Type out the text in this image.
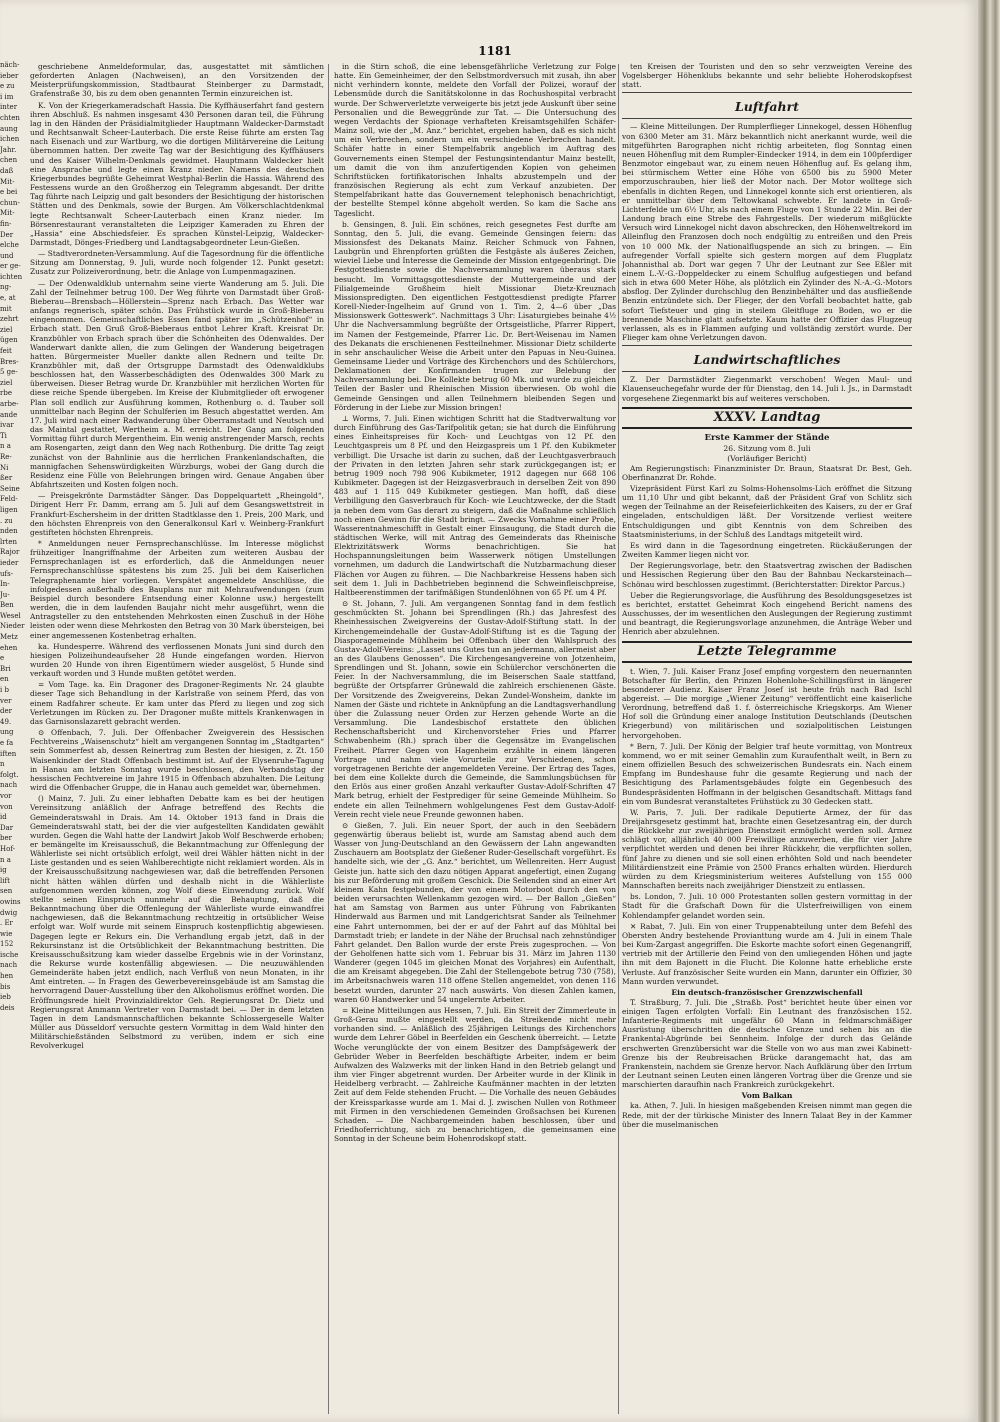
näch-
ieber
e zu
i im
inter
chten
aung
ichen
Jahr.
chen
daß
Mit-
e bei
chun-
Mit-
fin-
Der
elche
und
er ge-
ichten
ng-
e, at
mit
zehrt
ziel
ügen
feit
Bres-
5 ge-
ziel
rbe
arbe-
ande
ivar
Ti
n a
Re-
Ni
ßer
Seine
Feld-
ligen
. zu
nden
lrten
Rajor
ieder
ufs-
In-
Ju-
Ben
Wesel
Nieder
Metz
ehen
e
Bri
en
i b
ver
der
49.
ung
e fa
iften
n
folgt.
nach
vor
von
id
Dar
ber
Hof-
n a
ig
lift
sen
owins
dwig
. Er
wie
152
ische
nach
hen
bis
ieb
deis
1181

geschriebene Anmeldeformular, das, ausgestattet mit sämtlichen geforderten Anlagen (Nachweisen), an den Vorsitzenden der Meisterprüfungskommission, Stadtbaurat Steinberger zu Darmstadt, Grafenstraße 30, bis zu dem oben genannten Termin einzureichen ist.

K. Von der Kriegerkameradschaft Hassia. Die Kyffhäuserfahrt fand gestern ihren Abschluß. Es nahmen insgesamt 430 Personen daran teil, die Führung lag in den Händen der Präsidialmitglieder Hauptmann Waldecker-Darmstadt und Rechtsanwalt Scheer-Lauterbach. Die erste Reise führte am ersten Tag nach Eisenach und zur Wartburg, wo die dortigen Militärvereine die Leitung übernommen hatten. Der zweite Tag war der Besichtigung des Kyffhäusers und des Kaiser Wilhelm-Denkmals gewidmet. Hauptmann Waldecker hielt eine Ansprache und legte einen Kranz nieder. Namens des deutschen Kriegerbundes begrüßte Geheimrat Westphal-Berlin die Hassia. Während des Festessens wurde an den Großherzog ein Telegramm abgesandt. Der dritte Tag führte nach Leipzig und galt besonders der Besichtigung der historischen Stätten und des Denkmals, sowie der Burgen. Am Völkerschlachtdenkmal legte Rechtsanwalt Scheer-Lauterbach einen Kranz nieder. Im Börsenrestaurant veranstalteten die Leipziger Kameraden zu Ehren der „Hassia“ eine Abschiedsfeier. Es sprachen Künstel-Leipzig, Waldecker-Darmstadt, Dönges-Friedberg und Landtagsabgeordneter Leun-Gießen.

— Stadtverordneten-Versammlung. Auf die Tagesordnung für die öffentliche Sitzung am Donnerstag, 9. Juli, wurde noch folgender 12. Punkt gesetzt: Zusatz zur Polizeiverordnung, betr. die Anlage von Lumpenmagazinen.

— Der Odenwaldklub unternahm seine vierte Wanderung am 5. Juli. Die Zahl der Teilnehmer betrug 100. Der Weg führte von Darmstadt über Groß-Bieberau—Brensbach—Höllerstein—Sprenz nach Erbach. Das Wetter war anfangs regnerisch, später schön. Das Frühstück wurde in Groß-Bieberau eingenommen. Gemeinschaftliches Essen fand später im „Schützenhof“ in Erbach statt. Den Gruß Groß-Bieberaus entbot Lehrer Kraft. Kreisrat Dr. Kranzbühler von Erbach sprach über die Schönheiten des Odenwaldes. Der Wanderwart dankte allen, die zum Gelingen der Wanderung beigetragen hatten. Bürgermeister Mueller dankte allen Rednern und teilte Dr. Kranzbühler mit, daß der Ortsgruppe Darmstadt des Odenwaldklubs beschlossen hat, den Wasserbeschädigten des Odenwaldes 300 Mark zu überweisen. Dieser Betrag wurde Dr. Kranzbühler mit herzlichen Worten für diese reiche Spende übergeben. Im Kreise der Klubmitglieder oft erwogener Plan soll endlich zur Ausführung kommen, Rothenburg o. d. Tauber soll unmittelbar nach Beginn der Schulferien im Besuch abgestattet werden. Am 17. Juli wird nach einer Radwanderung über Oberramstadt und Neutsch und das Maintal gestattet, Wertheim a. M. erreicht. Der Gang am folgenden Vormittag führt durch Mergentheim. Ein wenig anstrengender Marsch, rechts am Rosengarten, zeigt dann den Weg nach Rothenburg. Die dritte Tag zeigt zunächst von der Bahnlinie aus die herrlichen Frankenlandschaften, die mannigfachen Sehenswürdigkeiten Würzburgs, wobei der Gang durch die Residenz eine Fülle von Belehrungen bringen wird. Genaue Angaben über Abfahrtszeiten und Kosten folgen noch.

— Preisgekrönte Darmstädter Sänger. Das Doppelquartett „Rheingold“, Dirigent Herr Fr. Damm, errang am 5. Juli auf dem Gesangswettstreit in Frankfurt-Eschersheim in der dritten Stadtklasse den 1. Preis, 200 Mark, und den höchsten Ehrenpreis von den Generalkonsul Karl v. Weinberg-Frankfurt gestifteten höchsten Ehrenpreis.

* Anmeldungen neuer Fernsprechanschlüsse. Im Interesse möglichst frühzeitiger Inangriffnahme der Arbeiten zum weiteren Ausbau der Fernsprechanlagen ist es erforderlich, daß die Anmeldungen neuer Fernsprechanschlüsse spätestens bis zum 25. Juli bei dem Kaiserlichen Telegraphenamte hier vorliegen. Verspätet angemeldete Anschlüsse, die infolgedessen außerhalb des Bauplans nur mit Mehraufwendungen (zum Beispiel durch besondere Entsendung einer Kolonne usw.) hergestellt werden, die in dem laufenden Baujahr nicht mehr ausgeführt, wenn die Antragsteller zu den entstehenden Mehrkosten einen Zuschuß in der Höhe leisten oder wenn diese Mehrkosten den Betrag von 30 Mark übersteigen, bei einer angemessenen Kostenbetrag erhalten.

ka. Hundesperre. Während des verflossenen Monats Juni sind durch den hiesigen Polizeihundeaufseher 28 Hunde eingefangen worden. Hiervon wurden 20 Hunde von ihren Eigentümern wieder ausgelöst, 5 Hunde sind verkauft worden und 3 Hunde mußten getötet werden.

= Vom Tage. ka. Ein Dragoner des Dragoner-Regiments Nr. 24 glaubte dieser Tage sich Behandlung in der Karlstraße von seinem Pferd, das von einem Radfahrer scheute. Er kam unter das Pferd zu liegen und zog sich Verletzungen im Rücken zu. Der Dragoner mußte mittels Krankenwagen in das Garnisonslazarett gebracht werden.

⊙ Offenbach, 7. Juli. Der Offenbacher Zweigverein des Hessischen Fechtvereins „Waisenschutz“ hielt am vergangenen Sonntag im „Stadtgarten“ sein Sommerfest ab, dessen Reinertrag zum Besten der hiesigen, z. Zt. 150 Waisenkinder der Stadt Offenbach bestimmt ist. Auf der Elysenruhe-Tagung in Hanau am letzten Sonntag wurde beschlossen, den Verbandstag der hessischen Fechtvereine im Jahre 1915 in Offenbach abzuhalten. Die Leitung wird die Offenbacher Gruppe, die in Hanau auch gemeldet war, übernehmen.

() Mainz, 7. Juli. Zu einer lebhaften Debatte kam es bei der heutigen Vereinsitzung anläßlich der Anfrage betreffend des Rechts die Gemeinderatswahl in Drais. Am 14. Oktober 1913 fand in Drais die Gemeinderatswahl statt, bei der die vier aufgestellten Kandidaten gewählt wurden. Gegen die Wahl hatte der Landwirt Jakob Wolf Beschwerde erhoben; er bemängelte im Kreisausschuß, die Bekanntmachung zur Offenlegung der Wählerliste sei nicht ortsüblich erfolgt, weil drei Wähler hätten nicht in der Liste gestanden und es seien Wahlberechtigte nicht reklamiert worden. Als in der Kreisausschußsitzung nachgewiesen war, daß die betreffenden Personen nicht hätten wählen dürfen und deshalb nicht in die Wählerliste aufgenommen werden können, zog Wolf diese Einwendung zurück. Wolf stellte seinen Einspruch nunmehr auf die Behauptung, daß die Bekanntmachung über die Offenlegung der Wählerliste wurde einwandfrei nachgewiesen, daß die Bekanntmachung rechtzeitig in ortsüblicher Weise erfolgt war. Wolf wurde mit seinem Einspruch kostenpflichtig abgewiesen. Dagegen legte er Rekurs ein. Die Verhandlung ergab jetzt, daß in der Rekursinstanz ist die Ortsüblichkeit der Bekanntmachung bestritten. Die Kreisausschußsitzung kam wieder dasselbe Ergebnis wie in der Vorinstanz, die Rekurse wurde kostenfällig abgewiesen. — Die neuzuwählenden Gemeinderäte haben jetzt endlich, nach Verfluß von neun Monaten, in ihr Amt eintreten. — In Fragen des Gewerbevereinsgebäude ist am Samstag die hervorragend Dauer-Ausstellung über den Alkoholismus eröffnet worden. Die Eröffnungsrede hielt Provinzialdirektor Geh. Regierungsrat Dr. Dietz und Regierungsrat Ammann Vertreter von Darmstadt bei. — Der in dem letzten Tagen in dem Landsmannschaftlichen bekannte Schlossergeselle Walter Müller aus Düsseldorf versuchte gestern Vormittag in dem Wald hinter den Militärschießständen Selbstmord zu verüben, indem er sich eine Revolverkugel

in die Stirn schoß, die eine lebensgefährliche Verletzung zur Folge hatte. Ein Gemeinheimer, der den Selbstmordversuch mit zusah, ihn aber nicht verhindern konnte, meldete den Vorfall der Polizei, worauf der Lebensmüde durch die Sanitätskolonne in das Rochushospital verbracht wurde. Der Schwerverletzte verweigerte bis jetzt jede Auskunft über seine Personalien und die Beweggründe zur Tat. — Die Untersuchung des wegen Verdachts der Spionage verhafteten Kreisamtsgehilfen Schäfer-Mainz soll, wie der „M. Anz.“ berichtet, ergeben haben, daß es sich nicht um ein Verbrechen, sondern um ein verschiedene Verbrechen handelt. Schäfer hatte in einer Stempelfabrik angeblich im Auftrag des Gouvernements einen Stempel der Festungsintendantur Mainz bestellt, um damit die von ihm anzufertigenden Kopien von geheimen Schriftstücken fortifikatorischen Inhalts abzustempeln und der französischen Regierung als echt zum Verkauf anzubieten. Der Stempelfabrikant hatte das Gouvernement telephonisch benachrichtigt, der bestellte Stempel könne abgeholt werden. So kam die Sache ans Tageslicht.

b. Gensingen, 8. Juli. Ein schönes, reich gesegnetes Fest durfte am Sonntag, den 5. Juli, die evang. Gemeinde Gensingen feiern: das Missionsfest des Dekanats Mainz. Reicher Schmuck von Fahnen, Laubgrün und Ehrenpforten grüßten die Festgäste als äußeres Zeichen, wieviel Liebe und Interesse die Gemeinde der Mission entgegenbringt. Die Festgottesdienste sowie die Nachversammlung waren überaus stark besucht. Im Vormittagsgottesdienste der Muttergemeinde und der Filialgemeinde Großheim hielt Missionar Dietz-Kreuznach Missionspredigten. Den eigentlichen Festgottesdienst predigte Pfarrer Korell-Nieder-Ingelheim auf Grund von 1. Tim. 2, 4—6 über „Das Missionswerk Gotteswerk“. Nachmittags 3 Uhr: Lisaturgiebes beinahe 4½ Uhr die Nachversammlung begrüßte der Ortsgeistliche, Pfarrer Rippert, im Namen der Festgemeinde, Pfarrer Lic. Dr. Bert-Weisenau im Namen des Dekanats die erschienenen Festteilnehmer. Missionar Dietz schilderte in sehr anschaulicher Weise die Arbeit unter den Papuas in Neu-Guinea. Gemeinsame Lieder und Vorträge des Kirchenchors und des Schülerchors, Deklamationen der Konfirmanden trugen zur Belebung der Nachversammlung bei. Die Kollekte betrug 60 Mk. und wurde zu gleichen Teilen der Basler und Rheinischen Mission überwiesen. Ob wohl die Gemeinde Gensingen und allen Teilnehmern bleibenden Segen und Förderung in der Liebe zur Mission bringen!

⊥ Worms, 7. Juli. Einen wichtigen Schritt hat die Stadtverwaltung vor durch Einführung des Gas-Tarifpolitik getan; sie hat durch die Einführung eines Einheitspreises für Koch- und Leuchtgas von 12 Pf. den Leuchtgaspreis um 8 Pf. und den Heizgaspreis um 1 Pf. den Kubikmeter verbilligt. Die Ursache ist darin zu suchen, daß der Leuchtgasverbrauch der Privaten in den letzten Jahren sehr stark zurückgegangen ist; er betrug 1909 noch 798 906 Kubikmeter, 1912 dagegen nur 668 106 Kubikmeter. Dagegen ist der Heizgasverbrauch in derselben Zeit von 890 483 auf 1 115 049 Kubikmeter gestiegen. Man hofft, daß diese Verbilligung den Gasverbrauch für Koch- wie Leuchtzwecke, der die Stadt ja neben dem vom Gas derart zu steigern, daß die Maßnahme schließlich noch einen Gewinn für die Stadt bringt. — Zwecks Vornahme einer Probe, Wasserentnahmeschifft in Gestalt einer Einsaugung, die Stadt durch die städtischen Werke, will mit Antrag des Gemeinderats das Rheinische Elektrizitätswerk Worms benachrichtigen. Sie hat Hochspannungsleitungen beim Wasserwerk nötigen Umstellungen vornehmen, um dadurch die Landwirtschaft die Nutzbarmachung dieser Flächen vor Augen zu führen. — Die Nachbarkreise Hessens haben sich seit dem 1. Juli in Dachbetrieben beginnend die Schweinfleischpreise, Haltbeerenstimmen der tarifmäßigen Stundenlöhnen von 65 Pf. um 4 Pf.

⊙ St. Johann, 7. Juli. Am vergangenen Sonntag fand in dem festlich geschmückten St. Johann bei Sprendlingen (Rh.) das Jahresfest des Rheinhessischen Zweigvereins der Gustav-Adolf-Stiftung statt. In der Kirchengemeindehalle der Gustav-Adolf-Stiftung ist es die Tagung der Diasporagemeinde Mühlheim bei Offenbach über den Wahlspruch des Gustav-Adolf-Vereins: „Lasset uns Gutes tun an jedermann, allermeist aber an des Glaubens Genossen“. Die Kirchengesangvereine von Jotzenheim, Sprendlingen und St. Johann, sowie ein Schülerchor verschönerten die Feier. In der Nachversammlung, die im Beiserschen Saale stattfand, begrüßte der Ortspfarrer Grünewald die zahlreich erschienenen Gäste. Der Vorsitzende des Zweigvereins, Dekan Zundel-Wonsheim, dankte im Namen der Gäste und richtete in Anknüpfung an die Landtagsverhandlung über die Zulassung neuer Orden zur Herzen gehende Worte an die Versammlung. Die Landesbischof erstattete den üblichen Rechenschaftsbericht und Kirchenvorsteher Fries und Pfarrer Schwabenheim (Rh.) sprach über die Gegensätze im Evangelischen Freiheit. Pfarrer Gegen von Hagenheim erzählte in einem längeren Vortrage und nahm viele Vorurteile zur Verschiedenen, schon vorgetragenen Berichte der angemeldeten Vereine. Der Ertrag des Tages, bei dem eine Kollekte durch die Gemeinde, die Sammlungsbüchsen für den Erlös aus einer großen Anzahl verkaufter Gustav-Adolf-Schriften 47 Mark betrug, erhielt der Festprediger für seine Gemeinde Mühlheim. So endete ein allen Teilnehmern wohlgelungenes Fest dem Gustav-Adolf-Verein recht viele neue Freunde gewonnen haben.

⊙ Gießen, 7. Juli. Ein neuer Sport, der auch in den Seebädern gegenwärtig überaus beliebt ist, wurde am Samstag abend auch dem Wasser von Jung-Deutschland an den Gewässern der Lahn angewandten Zuschauern am Bootsplatz der Gießener Ruder-Gesellschaft vorgeführt. Es handelte sich, wie der „G. Anz.“ berichtet, um Wellenreiten. Herr August Geiste jun. hatte sich den dazu nötigen Apparat angefertigt, einen Zugang bis zur Beförderung mit großem Geschick. Die Seilenden sind an einer Art kleinem Kahn festgebunden, der von einem Motorboot durch den von beiden verursachten Wellenkamm gezogen wird. — Der Ballon „Gießen“ hat am Samstag von Barmen aus unter Führung von Fabrikanten Hinderwald aus Barmen und mit Landgerichtsrat Sander als Teilnehmer eine Fahrt unternommen, bei der er auf der Fahrt auf das Mühltal bei Darmstadt trieb; er landete in der Nähe der Bruchsal nach zehnstündiger Fahrt gelandet. Den Ballon wurde der erste Preis zugesprochen. — Von der Geholfenen hatte sich vom 1. Februar bis 31. März im Jahren 1130 Wanderer (gegen 1045 im gleichen Monat des Vorjahres) ein Aufenthalt, die am Kreisamt abgegeben. Die Zahl der Stellengebote betrug 730 (758), im Arbeitsnachweis waren 118 offene Stellen angemeldet, von denen 116 besetzt wurden, darunter 27 nach auswärts. Von diesen Zahlen kamen, waren 60 Handwerker und 54 ungelernte Arbeiter.

= Kleine Mitteilungen aus Hessen, 7. Juli. Ein Streit der Zimmerleute in Groß-Gerau mußte eingestellt werden, da Streikende nicht mehr vorhanden sind. — Anläßlich des 25jährigen Leitungs des Kirchenchors wurde dem Lehrer Göbel in Beerfelden ein Geschenk überreicht. — Letzte Woche verunglückte der von einem Besitzer des Dampfsägewerk der Gebrüder Weber in Beerfelden beschäftigte Arbeiter, indem er beim Aufwalzen des Walzwerks mit der linken Hand in den Betrieb gelangt und ihm vier Finger abgetrennt wurden. Der Arbeiter wurde in der Klinik in Heidelberg verbracht. — Zahlreiche Kaufmänner machten in der letzten Zeit auf dem Felde stehenden Frucht. — Die Vorhalle des neuen Gebäudes der Kreissparkasse wurde am 1. Mai d. J. zwischen Nullen von Rothmeer mit Firmen in den verschiedenen Gemeinden Großsachsen bei Kurenen Schaden. — Die Nachbargemeinden haben beschlossen, über und Friedhoferrichtung, sich zu benachrichtigen, die gemeinsamen eine Sonntag in der Scheune beim Hohenrodskopf statt.

ten Kreisen der Touristen und den so sehr verzweigten Vereine des Vogelsberger Höhenklubs bekannte und sehr beliebte Hoherodskopfsest statt.

Luftfahrt

— Kleine Mitteilungen. Der Rumplerflieger Linnekogel, dessen Höhenflug von 6300 Meter am 31. März bekanntlich nicht anerkannt wurde, weil die mitgeführten Barographen nicht richtig arbeiteten, flog Sonntag einen neuen Höhenflug mit dem Rumpler-Eindecker 1914, in dem ein 100pferdiger Benzmotor eingebaut war, zu einem neuen Höhenflug auf. Es gelang ihm, bei stürmischem Wetter eine Höhe von 6500 bis zu 5900 Meter emporzuschrauben, hier ließ der Motor nach. Der Motor wolltege sich ebenfalls in dichten Regen, und Linnekogel konnte sich erst orientieren, als er unmittelbar über dem Teltowkanal schwebte. Er landete in Groß-Lichterfelde um 6½ Uhr, als nach einem Fluge von 1 Stunde 22 Min. Bei der Landung brach eine Strebe des Fahrgestells. Der wiederum mißglückte Versuch wird Linnekogel nicht davon abschrecken, den Höhenweltrekord im Alleinflug den Franzosen doch noch endgültig zu entreißen und den Preis von 10 000 Mk. der Nationalflugspende an sich zu bringen. — Ein aufregender Vorfall spielte sich gestern morgen auf dem Flugplatz Johannisthal ab. Dort war gegen 7 Uhr der Leutnant zur See Eßler mit einem L.-V.-G.-Doppeldecker zu einem Schulflug aufgestiegen und befand sich in etwa 600 Meter Höhe, als plötzlich ein Zylinder des N.-A.-G.-Motors absflog. Der Zylinder durchschlug den Benzinbehälter und das ausfließende Benzin entzündete sich. Der Flieger, der den Vorfall beobachtet hatte, gab sofort Tiefsteuer und ging in steilem Gleitfluge zu Boden, wo er die brennende Maschine glatt aufsetzte. Kaum hatte der Offizier das Flugzeug verlassen, als es in Flammen aufging und vollständig zerstört wurde. Der Flieger kam ohne Verletzungen davon.

Landwirtschaftliches

Z. Der Darmstädter Ziegenmarkt verschoben! Wegen Maul- und Klauenseuchegefahr wurde der für Dienstag, den 14. Juli l. Js., in Darmstadt vorgesehene Ziegenmarkt bis auf weiteres verschoben.

XXXV. Landtag
Erste Kammer der Stände
26. Sitzung vom 8. Juli
(Vorläufiger Bericht)

Am Regierungstisch: Finanzminister Dr. Braun, Staatsrat Dr. Best, Geh. Oberfinanzrat Dr. Rohde.

Vizepräsident Fürst Karl zu Solms-Hohensolms-Lich eröffnet die Sitzung um 11,10 Uhr und gibt bekannt, daß der Präsident Graf von Schlitz sich wegen der Teilnahme an der Reisefeierlichkeiten des Kaisers, zu der er Graf eingeladen, entschuldigen läßt. Der Vorsitzende verliest weitere Entschuldigungen und gibt Kenntnis von dem Schreiben des Staatsministeriums, in der Schluß des Landtags mitgeteilt wird.

Es wird dann in die Tagesordnung eingetreten. Rückäußerungen der Zweiten Kammer liegen nicht vor.

Der Regierungsvorlage, betr. den Staatsvertrag zwischen der Badischen und Hessischen Regierung über den Bau der Bahnbau Neckarsteinach—Schönau wird beschlossen zugestimmt. (Berichterstatter: Direktor Parcus.)

Ueber die Regierungsvorlage, die Ausführung des Besoldungsgesetzes ist es berichtet, erstattet Geheimrat Koch eingehend Bericht namens des Ausschusses, der im wesentlichen den Auslegungen der Regierung zustimmt und beantragt, die Regierungsvorlage anzunehmen, die Anträge Weber und Henrich aber abzulehnen.

Letzte Telegramme

t. Wien, 7. Juli. Kaiser Franz Josef empfing vorgestern den neuernannten Botschafter für Berlin, den Prinzen Hohenlohe-Schillingsfürst in längerer besonderer Audienz. Kaiser Franz Josef ist heute früh nach Bad Ischl abgereist. — Die morgige „Wiener Zeitung“ veröffentlicht eine kaiserliche Verordnung, betreffend daß 1. f. österreichische Kriegskorps. Am Wiener Hof soll die Gründung einer analoge Institution Deutschlands (Deutschen Kriegerbund) von militärischen und sozialpolitischen Leistungen hervorgehoben.

* Bern, 7. Juli. Der König der Belgier traf heute vormittag, von Montreux kommend, wo er mit seiner Gemahlin zum Kuraufenthalt weilt, in Bern zu einem offiziellen Besuch des schweizerischen Bundesrats ein. Nach einem Empfang im Bundeshause fuhr die gesamte Regierung und nach der Besichtigung des Parlamentsgebäudes folgte ein Gegenbesuch des Bundespräsidenten Hoffmann in der belgischen Gesandtschaft. Mittags fand ein vom Bundesrat veranstaltetes Frühstück zu 30 Gedecken statt.

W. Paris, 7. Juli. Der radikale Deputierte Armez, der für das Dreijahrsgesetz gestimmt hat, brachte einen Gesetzesantrag ein, der durch die Rückkehr zur zweijährigen Dienstzeit ermöglicht werden soll. Armez schlägt vor, alljährlich 40 000 Freiwillige anzuwerben, die für vier Jahre verpflichtet werden und denen bei ihrer Rückkehr, die verpflichten sollen, fünf Jahre zu dienen und sie soll einen erhöhten Sold und nach beendeter Militärdienstzeit eine Prämie von 2500 Francs erhalten würden. Hierdurch würden zu dem Kriegsministerium weiteres Aufstellung von 155 000 Mannschaften bereits nach zweijähriger Dienstzeit zu entlassen.

bs. London, 7. Juli. 10 000 Protestanten sollen gestern vormittag in der Stadt für die Grafschaft Down für die Ulsterfreiwilligen von einem Kohlendampfer gelandet worden sein.

✕ Rabat, 7. Juli. Ein von einer Truppenabteilung unter dem Befehl des Obersten Andry bestehende Provianttung wurde am 4. Juli in einem Thale bei Kum-Zargast angegriffen. Die Eskorte machte sofort einen Gegenangriff, vertrieb mit der Artillerie den Feind von den umliegenden Höhen und jagte ihn mit dem Bajonett in die Flucht. Die Kolonne hatte erhebliche erste Verluste. Auf französischer Seite wurden ein Mann, darunter ein Offizier, 30 Mann wurden verwundet.

Ein deutsch-französischer Grenzzwischenfall

T. Straßburg, 7. Juli. Die „Straßb. Post“ berichtet heute über einen vor einigen Tagen erfolgten Vorfall: Ein Leutnant des französischen 152. Infanterie-Regiments mit ungefähr 60 Mann in feldmarschmäßiger Ausrüstung überschritten die deutsche Grenze und sehen bis an die Frankental-Abgründe bei Sennheim. Infolge der durch das Gelände erschwerten Grenzübersicht war die Stelle von wo aus man zwei Kabinett-Grenze bis der Reubreisachen Brücke darangemacht hat, das am Frankenstein, nachdem sie Grenze hervor. Nach Aufklärung über den Irrtum der Leutnant seinen Leuten einen längeren Vortrag über die Grenze und sie marschierten daraufhin nach Frankreich zurückgekehrt.

Vom Balkan

ka. Athen, 7. Juli. In hiesigen maßgebenden Kreisen nimmt man gegen die Rede, mit der der türkische Minister des Innern Talaat Bey in der Kammer über die muselmanischen
